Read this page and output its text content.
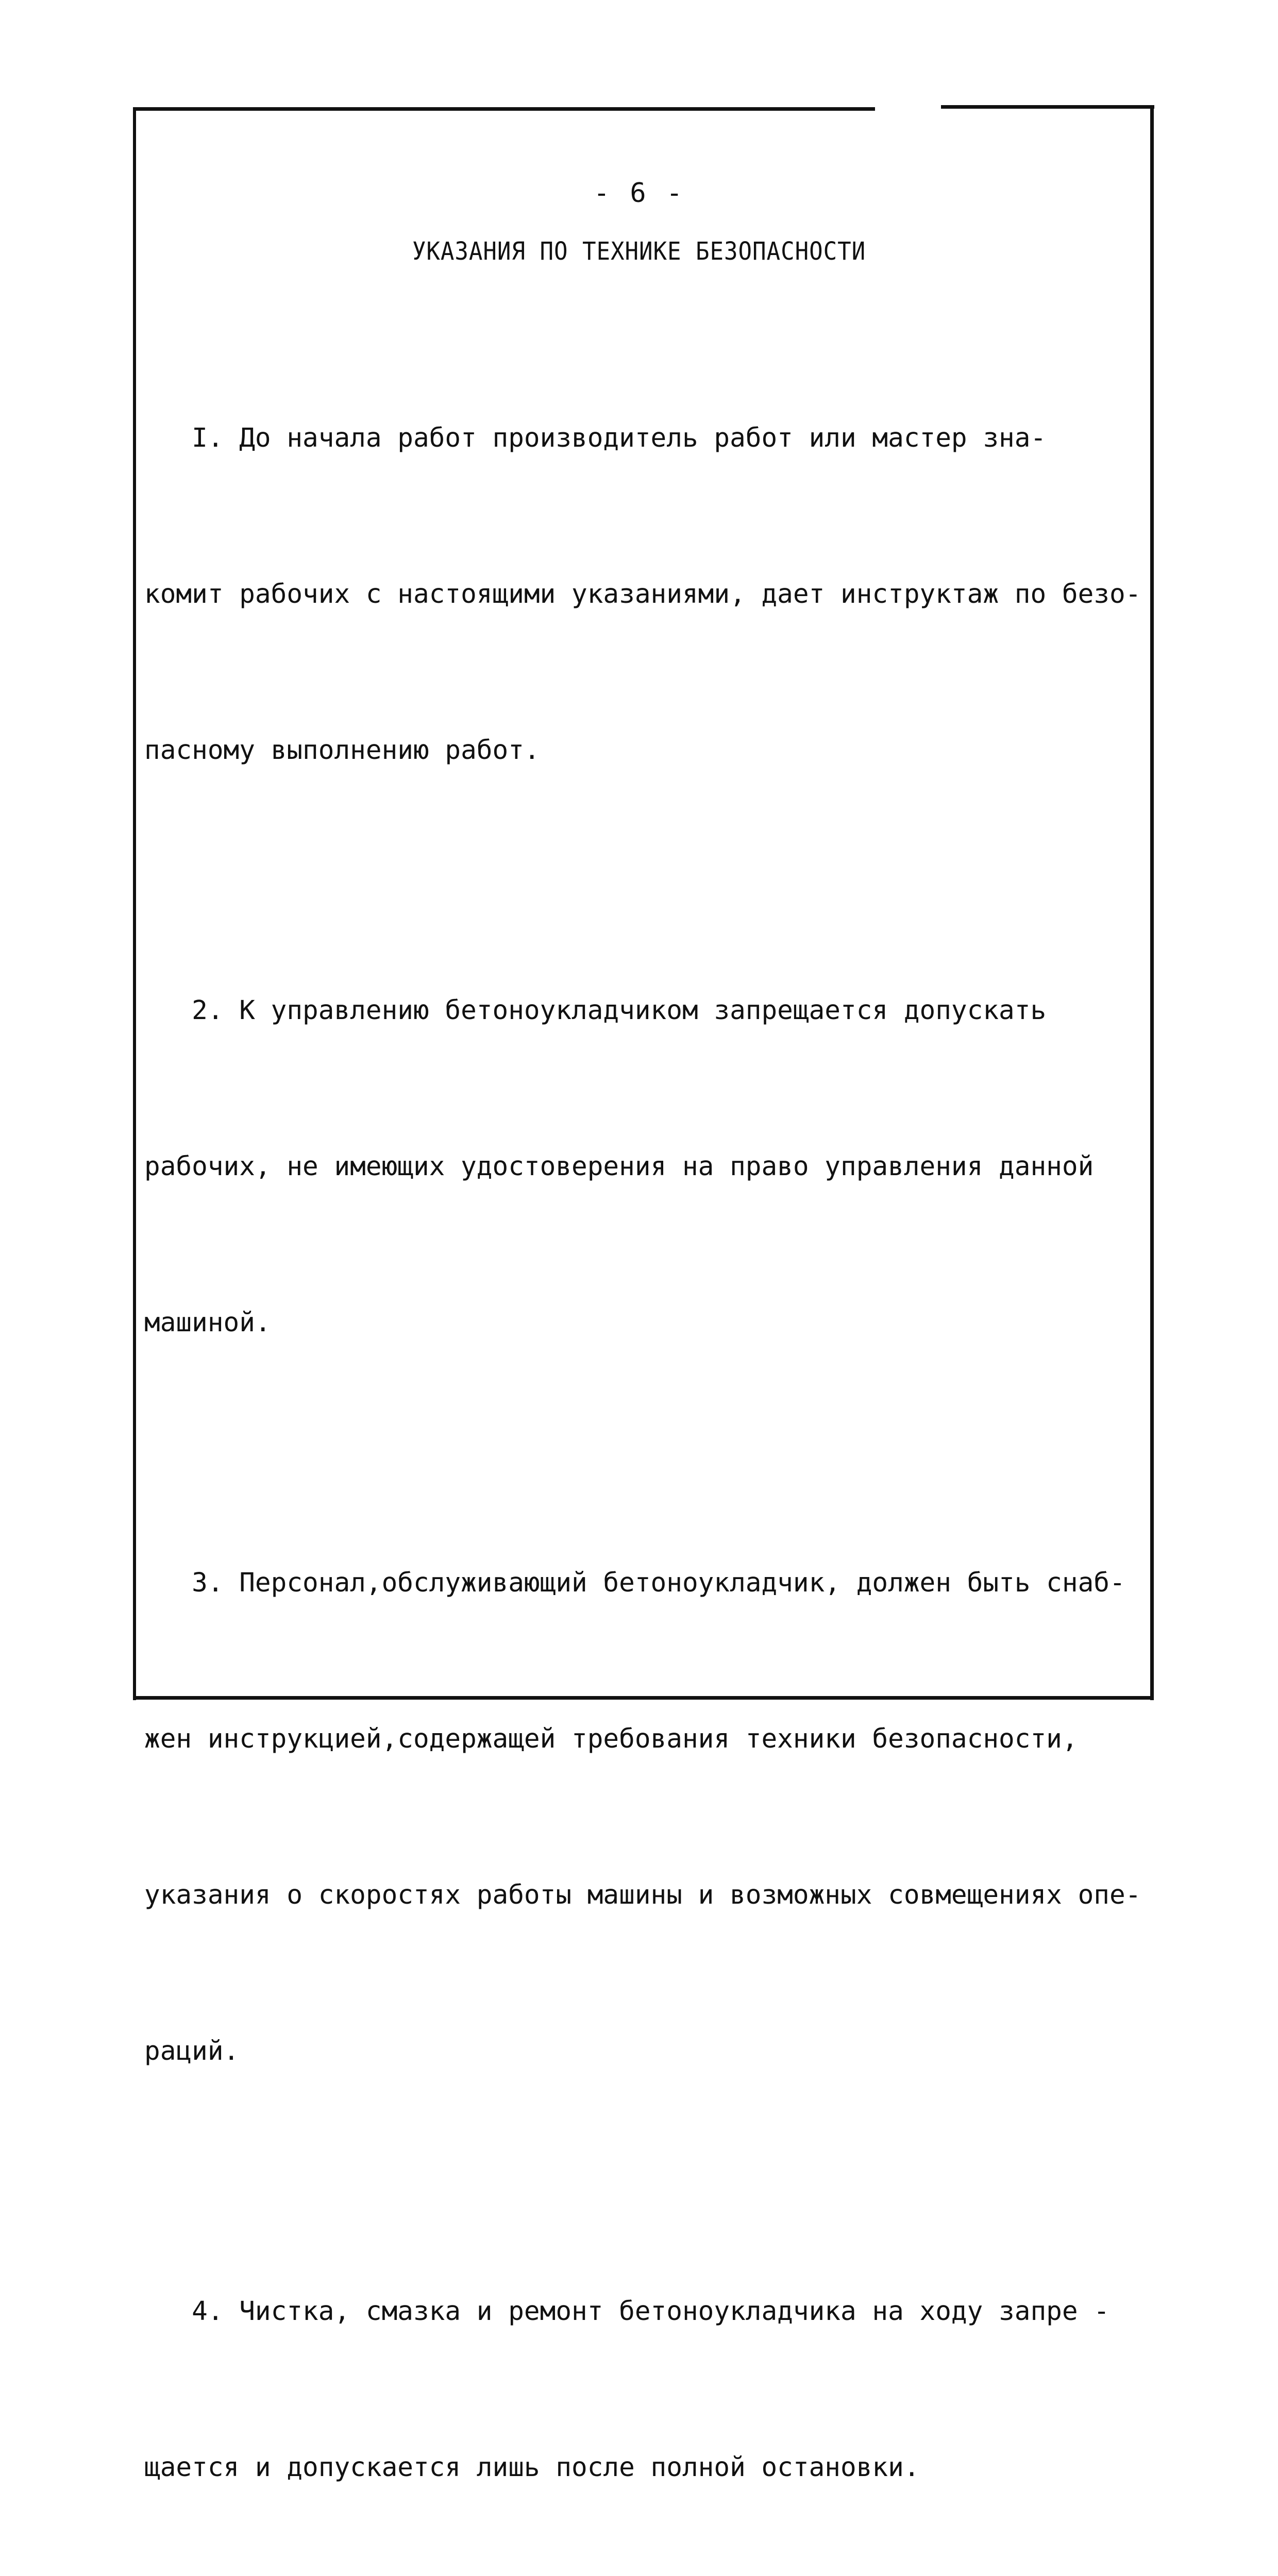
- 6 -
УКАЗАНИЯ ПО ТЕХНИКЕ БЕЗОПАСНОСТИ

I. До начала работ производитель работ или мастер зна-

комит рабочих с настоящими указаниями, дает инструктаж по безо-

пасному выполнению работ.

2. К управлению бетоноукладчиком запрещается допускать

рабочих, не имеющих удостоверения на право управления данной

машиной.

3. Персонал,обслуживающий бетоноукладчик, должен быть снаб-

жен инструкцией,содержащей требования техники безопасности,

указания о скоростях работы машины и возможных совмещениях опе-

раций.

4. Чистка, смазка и ремонт бетоноукладчика на ходу запре -

щается и допускается лишь после полной остановки.
